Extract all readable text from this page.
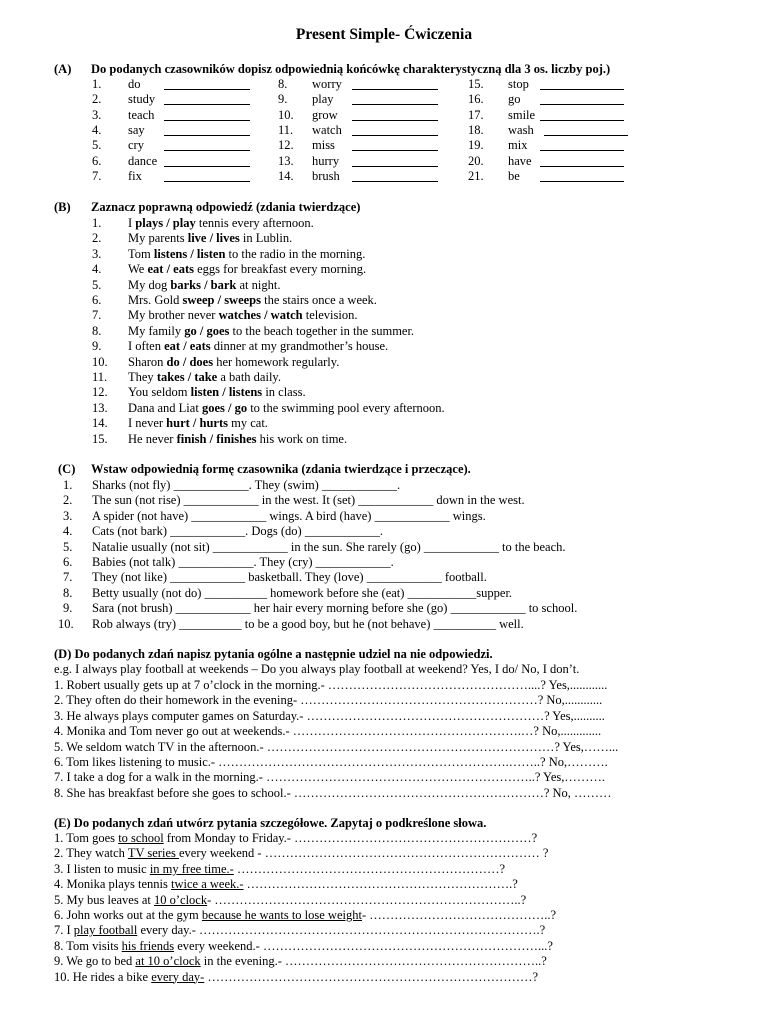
Present Simple- Ćwiczenia
(A) Do podanych czasowników dopisz odpowiednią końcówkę charakterystyczną dla 3 os. liczby poj.)
1. do
2. study
3. teach
4. say
5. cry
6. dance
7. fix
8. worry
9. play
10. grow
11. watch
12. miss
13. hurry
14. brush
15. stop
16. go
17. smile
18. wash
19. mix
20. have
21. be
(B) Zaznacz poprawną odpowiedź (zdania twierdzące)
1. I plays / play tennis every afternoon.
2. My parents live / lives in Lublin.
3. Tom listens / listen to the radio in the morning.
4. We eat / eats eggs for breakfast every morning.
5. My dog barks / bark at night.
6. Mrs. Gold sweep / sweeps the stairs once a week.
7. My brother never watches / watch television.
8. My family go / goes to the beach together in the summer.
9. I often eat / eats dinner at my grandmother’s house.
10. Sharon do / does her homework regularly.
11. They takes / take a bath daily.
12. You seldom listen / listens in class.
13. Dana and Liat goes / go to the swimming pool every afternoon.
14. I never hurt / hurts my cat.
15. He never finish / finishes his work on time.
(C) Wstaw odpowiednią formę czasownika (zdania twierdzące i przeczące).
1. Sharks (not fly) ____________. They (swim) ____________.
2. The sun (not rise) ____________ in the west. It (set) ____________ down in the west.
3. A spider (not have) ____________ wings. A bird (have) ____________ wings.
4. Cats (not bark) ____________. Dogs (do) ____________.
5. Natalie usually (not sit) ____________ in the sun. She rarely (go) ____________ to the beach.
6. Babies (not talk) ____________. They (cry) ____________.
7. They (not like) ____________ basketball. They (love) ____________ football.
8. Betty usually (not do) __________ homework before she (eat) ___________supper.
9. Sara (not brush) ____________ her hair every morning before she (go) ____________ to school.
10. Rob always (try) __________ to be a good boy, but he (not behave) __________ well.
(D) Do podanych zdań napisz pytania ogólne a następnie udziel na nie odpowiedzi.
e.g. I always play football at weekends – Do you always play football at weekend? Yes, I do/ No, I don’t.
1. Robert usually gets up at 7 o’clock in the morning.- …………………………………………....? Yes,............
2. They often do their homework in the evening- …………………………………………………? No,............
3. He always plays computer games on Saturday.- …………………………………………………? Yes,..........
4. Monika and Tom never go out at weekends.- ……………………………………………….…? No,.............
5. We seldom watch TV in the afternoon.- ……………………………………………………………? Yes,……...
6. Tom likes listening to music.- …………………………………………………………….……..? No,……….
7. I take a dog for a walk in the morning.- ………………………………………………………..? Yes,……….
8. She has breakfast before she goes to school.- ……………………………………………………? No, ………
(E) Do podanych zdań utwórz pytania szczegółowe. Zapytaj o podkreślone słowa.
1. Tom goes to school from Monday to Friday.- …………………………………………………?
2. They watch TV series every weekend - ………………………………………………………… ?
3. I listen to music in my free time.- ………………………………………………………?
4. Monika plays tennis twice a week.- ……………………………………………………….?
5. My bus leaves at 10 o’clock- ………………………………………………………………..?
6. John works out at the gym because he wants to lose weight- ……………………………………..?
7. I play football every day.- ……………………………………………………………………….?
8. Tom visits his friends every weekend.- …………………………………………………………...?
9. We go to bed at 10 o’clock in the evening.- ……………………………………………………..?
10. He rides a bike every day- ……………………………………………………………………?
